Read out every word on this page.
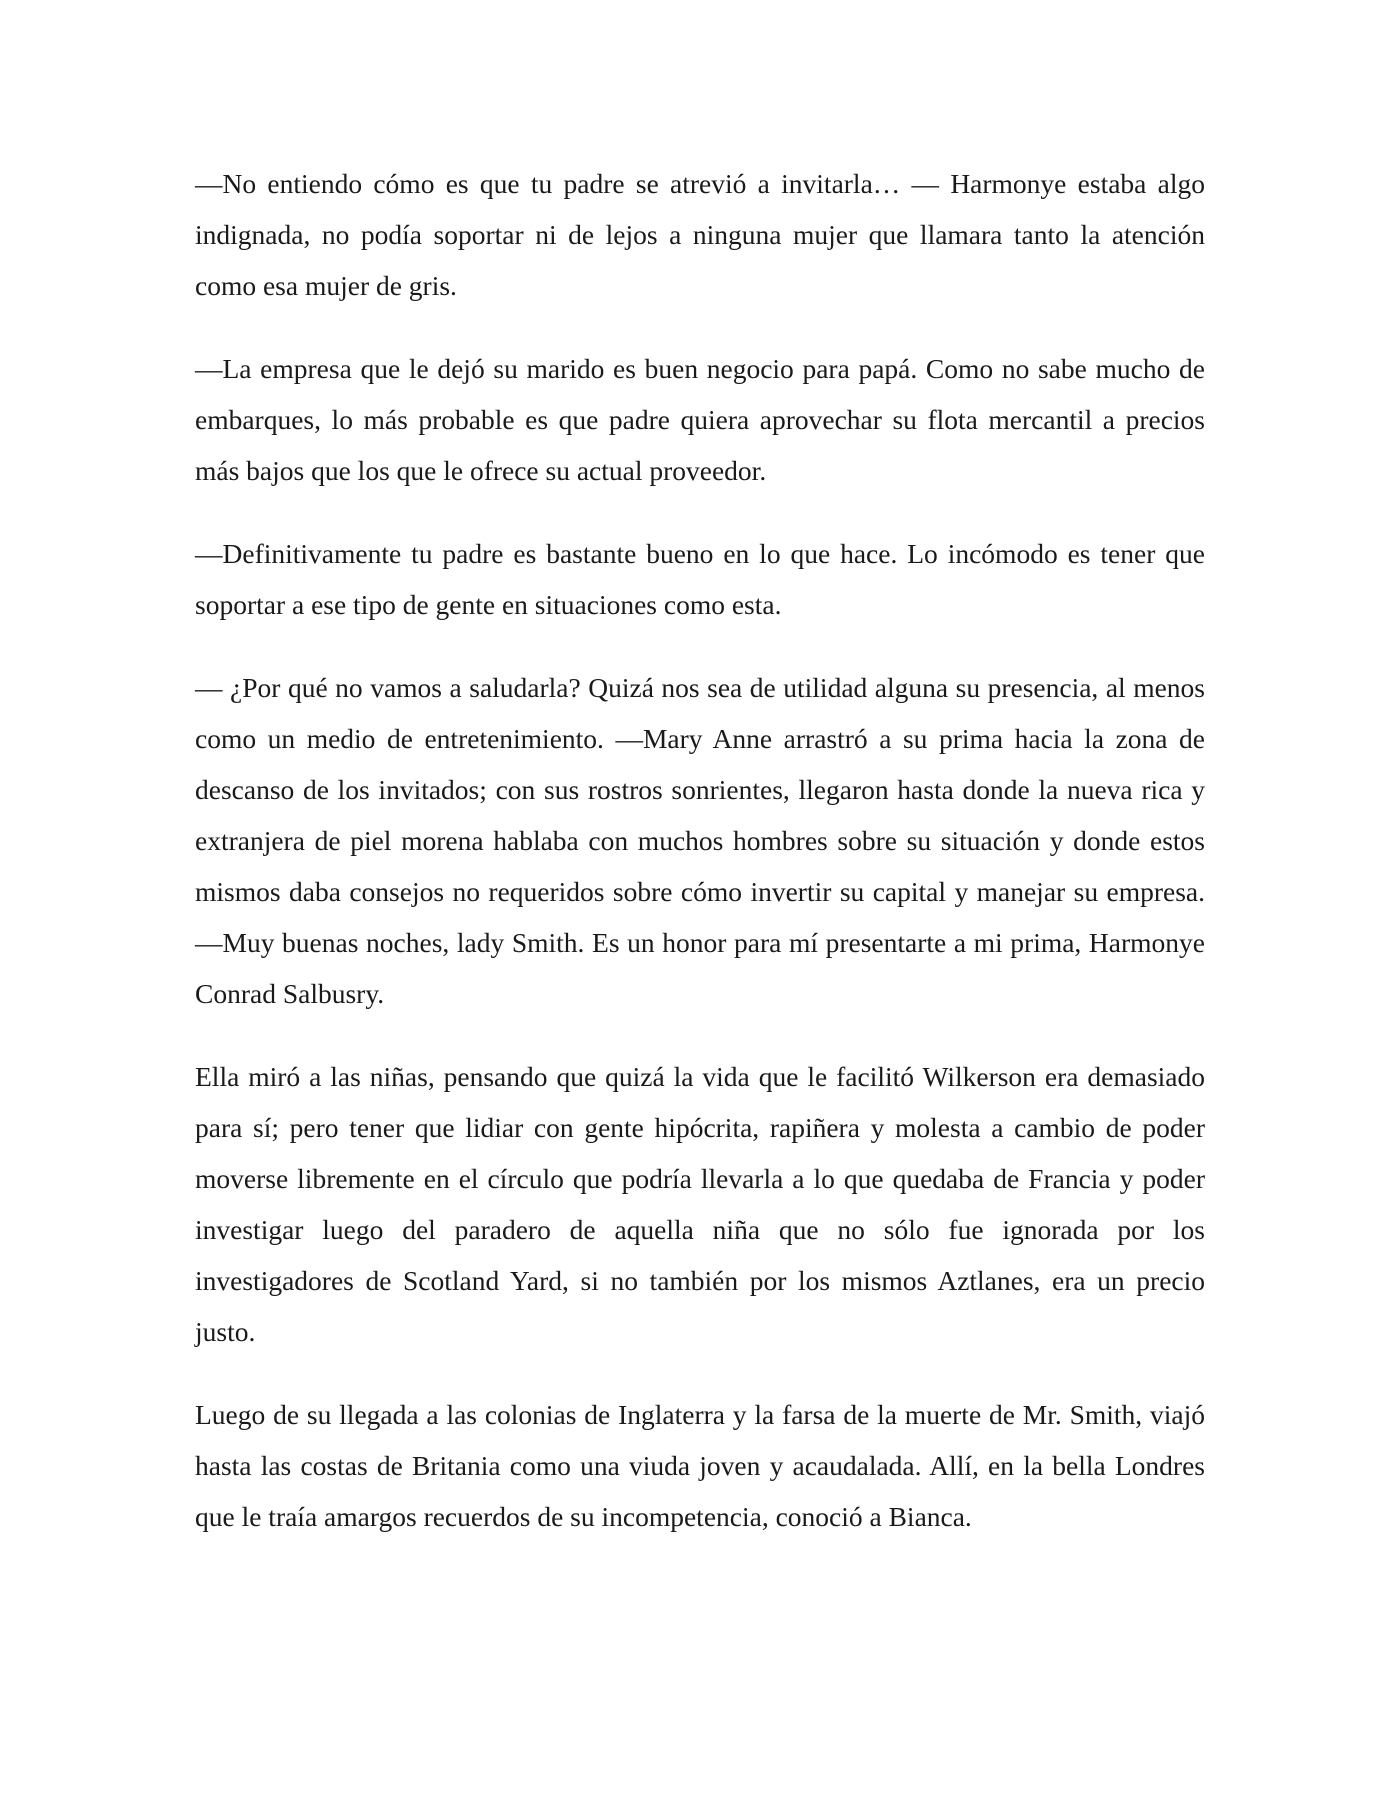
—No entiendo cómo es que tu padre se atrevió a invitarla… — Harmonye estaba algo indignada, no podía soportar ni de lejos a ninguna mujer que llamara tanto la atención como esa mujer de gris.

—La empresa que le dejó su marido es buen negocio para papá. Como no sabe mucho de embarques, lo más probable es que padre quiera aprovechar su flota mercantil a precios más bajos que los que le ofrece su actual proveedor.

—Definitivamente tu padre es bastante bueno en lo que hace. Lo incómodo es tener que soportar a ese tipo de gente en situaciones como esta.

— ¿Por qué no vamos a saludarla? Quizá nos sea de utilidad alguna su presencia, al menos como un medio de entretenimiento. —Mary Anne arrastró a su prima hacia la zona de descanso de los invitados; con sus rostros sonrientes, llegaron hasta donde la nueva rica y extranjera de piel morena hablaba con muchos hombres sobre su situación y donde estos mismos daba consejos no requeridos sobre cómo invertir su capital y manejar su empresa. —Muy buenas noches, lady Smith. Es un honor para mí presentarte a mi prima, Harmonye Conrad Salbusry.

Ella miró a las niñas, pensando que quizá la vida que le facilitó Wilkerson era demasiado para sí; pero tener que lidiar con gente hipócrita, rapiñera y molesta a cambio de poder moverse libremente en el círculo que podría llevarla a lo que quedaba de Francia y poder investigar luego del paradero de aquella niña que no sólo fue ignorada por los investigadores de Scotland Yard, si no también por los mismos Aztlanes, era un precio justo.

Luego de su llegada a las colonias de Inglaterra y la farsa de la muerte de Mr. Smith, viajó hasta las costas de Britania como una viuda joven y acaudalada. Allí, en la bella Londres que le traía amargos recuerdos de su incompetencia, conoció a Bianca.
